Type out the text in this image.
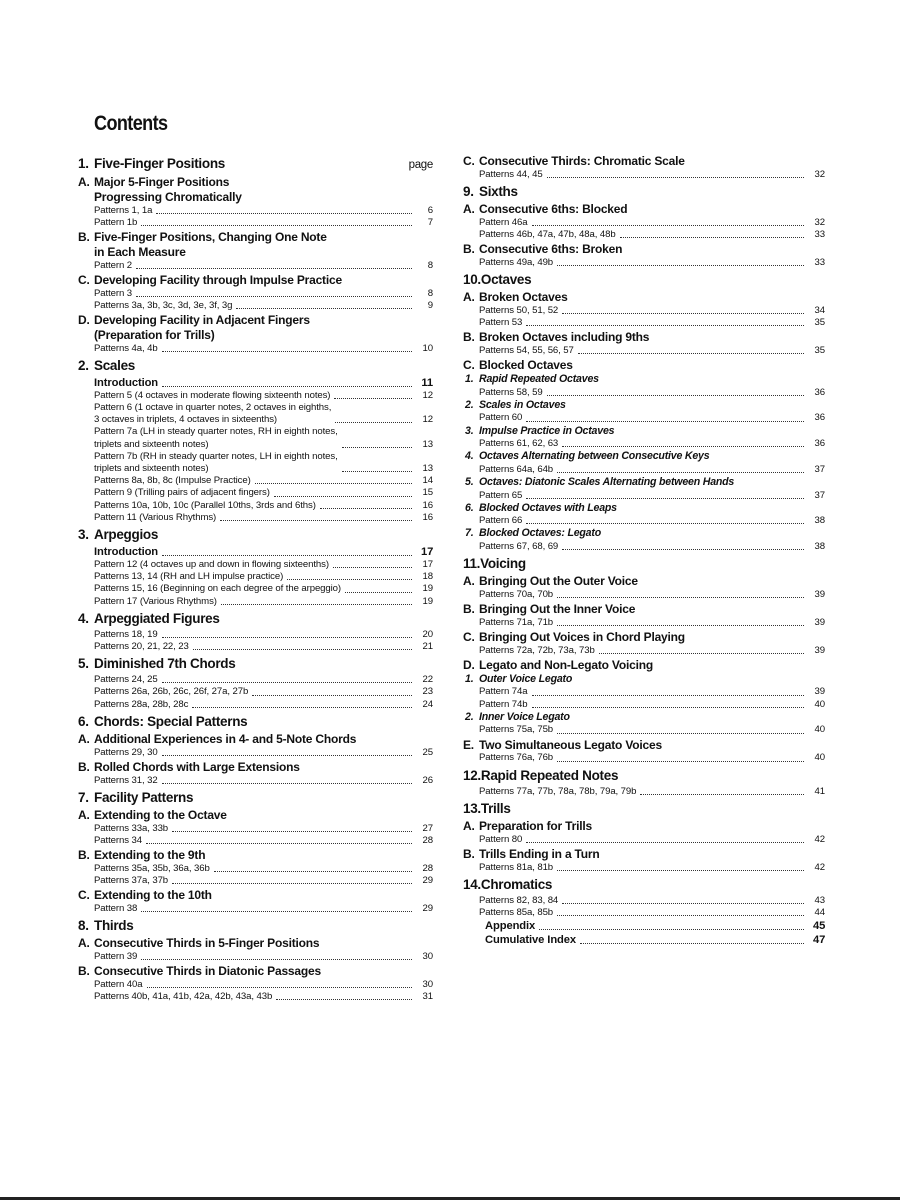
Contents
1. Five-Finger Positions	page
A. Major 5-Finger Positions
Progressing Chromatically
Patterns 1, 1a	6
Pattern 1b	7
B. Five-Finger Positions, Changing One Note
in Each Measure
Pattern 2	8
C. Developing Facility through Impulse Practice
Pattern 3	8
Patterns 3a, 3b, 3c, 3d, 3e, 3f, 3g	9
D. Developing Facility in Adjacent Fingers
(Preparation for Trills)
Patterns 4a, 4b	10
2. Scales
Introduction	11
Pattern 5 (4 octaves in moderate flowing sixteenth notes)	12
Pattern 6 (1 octave in quarter notes, 2 octaves in eighths,
3 octaves in triplets, 4 octaves in sixteenths)	12
Pattern 7a (LH in steady quarter notes, RH in eighth notes,
triplets and sixteenth notes)	13
Pattern 7b (RH in steady quarter notes, LH in eighth notes,
triplets and sixteenth notes)	13
Patterns 8a, 8b, 8c (Impulse Practice)	14
Pattern 9 (Trilling pairs of adjacent fingers)	15
Patterns 10a, 10b, 10c (Parallel 10ths, 3rds and 6ths)	16
Pattern 11 (Various Rhythms)	16
3. Arpeggios
Introduction	17
Pattern 12 (4 octaves up and down in flowing sixteenths)	17
Patterns 13, 14 (RH and LH impulse practice)	18
Patterns 15, 16 (Beginning on each degree of the arpeggio)	19
Pattern 17 (Various Rhythms)	19
4. Arpeggiated Figures
Patterns 18, 19	20
Patterns 20, 21, 22, 23	21
5. Diminished 7th Chords
Patterns 24, 25	22
Patterns 26a, 26b, 26c, 26f, 27a, 27b	23
Patterns 28a, 28b, 28c	24
6. Chords: Special Patterns
A. Additional Experiences in 4- and 5-Note Chords
Patterns 29, 30	25
B. Rolled Chords with Large Extensions
Patterns 31, 32	26
7. Facility Patterns
A. Extending to the Octave
Patterns 33a, 33b	27
Patterns 34	28
B. Extending to the 9th
Patterns 35a, 35b, 36a, 36b	28
Patterns 37a, 37b	29
C. Extending to the 10th
Pattern 38	29
8. Thirds
A. Consecutive Thirds in 5-Finger Positions
Pattern 39	30
B. Consecutive Thirds in Diatonic Passages
Pattern 40a	30
Patterns 40b, 41a, 41b, 42a, 42b, 43a, 43b	31
C. Consecutive Thirds: Chromatic Scale
Patterns 44, 45	32
9. Sixths
A. Consecutive 6ths: Blocked
Pattern 46a	32
Patterns 46b, 47a, 47b, 48a, 48b	33
B. Consecutive 6ths: Broken
Patterns 49a, 49b	33
10. Octaves
A. Broken Octaves
Patterns 50, 51, 52	34
Pattern 53	35
B. Broken Octaves including 9ths
Patterns 54, 55, 56, 57	35
C. Blocked Octaves
1. Rapid Repeated Octaves
Patterns 58, 59	36
2. Scales in Octaves
Pattern 60	36
3. Impulse Practice in Octaves
Patterns 61, 62, 63	36
4. Octaves Alternating between Consecutive Keys
Patterns 64a, 64b	37
5. Octaves: Diatonic Scales Alternating between Hands
Pattern 65	37
6. Blocked Octaves with Leaps
Pattern 66	38
7. Blocked Octaves: Legato
Patterns 67, 68, 69	38
11. Voicing
A. Bringing Out the Outer Voice
Patterns 70a, 70b	39
B. Bringing Out the Inner Voice
Patterns 71a, 71b	39
C. Bringing Out Voices in Chord Playing
Patterns 72a, 72b, 73a, 73b	39
D. Legato and Non-Legato Voicing
1. Outer Voice Legato
Pattern 74a	39
Pattern 74b	40
2. Inner Voice Legato
Patterns 75a, 75b	40
E. Two Simultaneous Legato Voices
Patterns 76a, 76b	40
12. Rapid Repeated Notes
Patterns 77a, 77b, 78a, 78b, 79a, 79b	41
13. Trills
A. Preparation for Trills
Pattern 80	42
B. Trills Ending in a Turn
Patterns 81a, 81b	42
14. Chromatics
Patterns 82, 83, 84	43
Patterns 85a, 85b	44
Appendix	45
Cumulative Index	47
